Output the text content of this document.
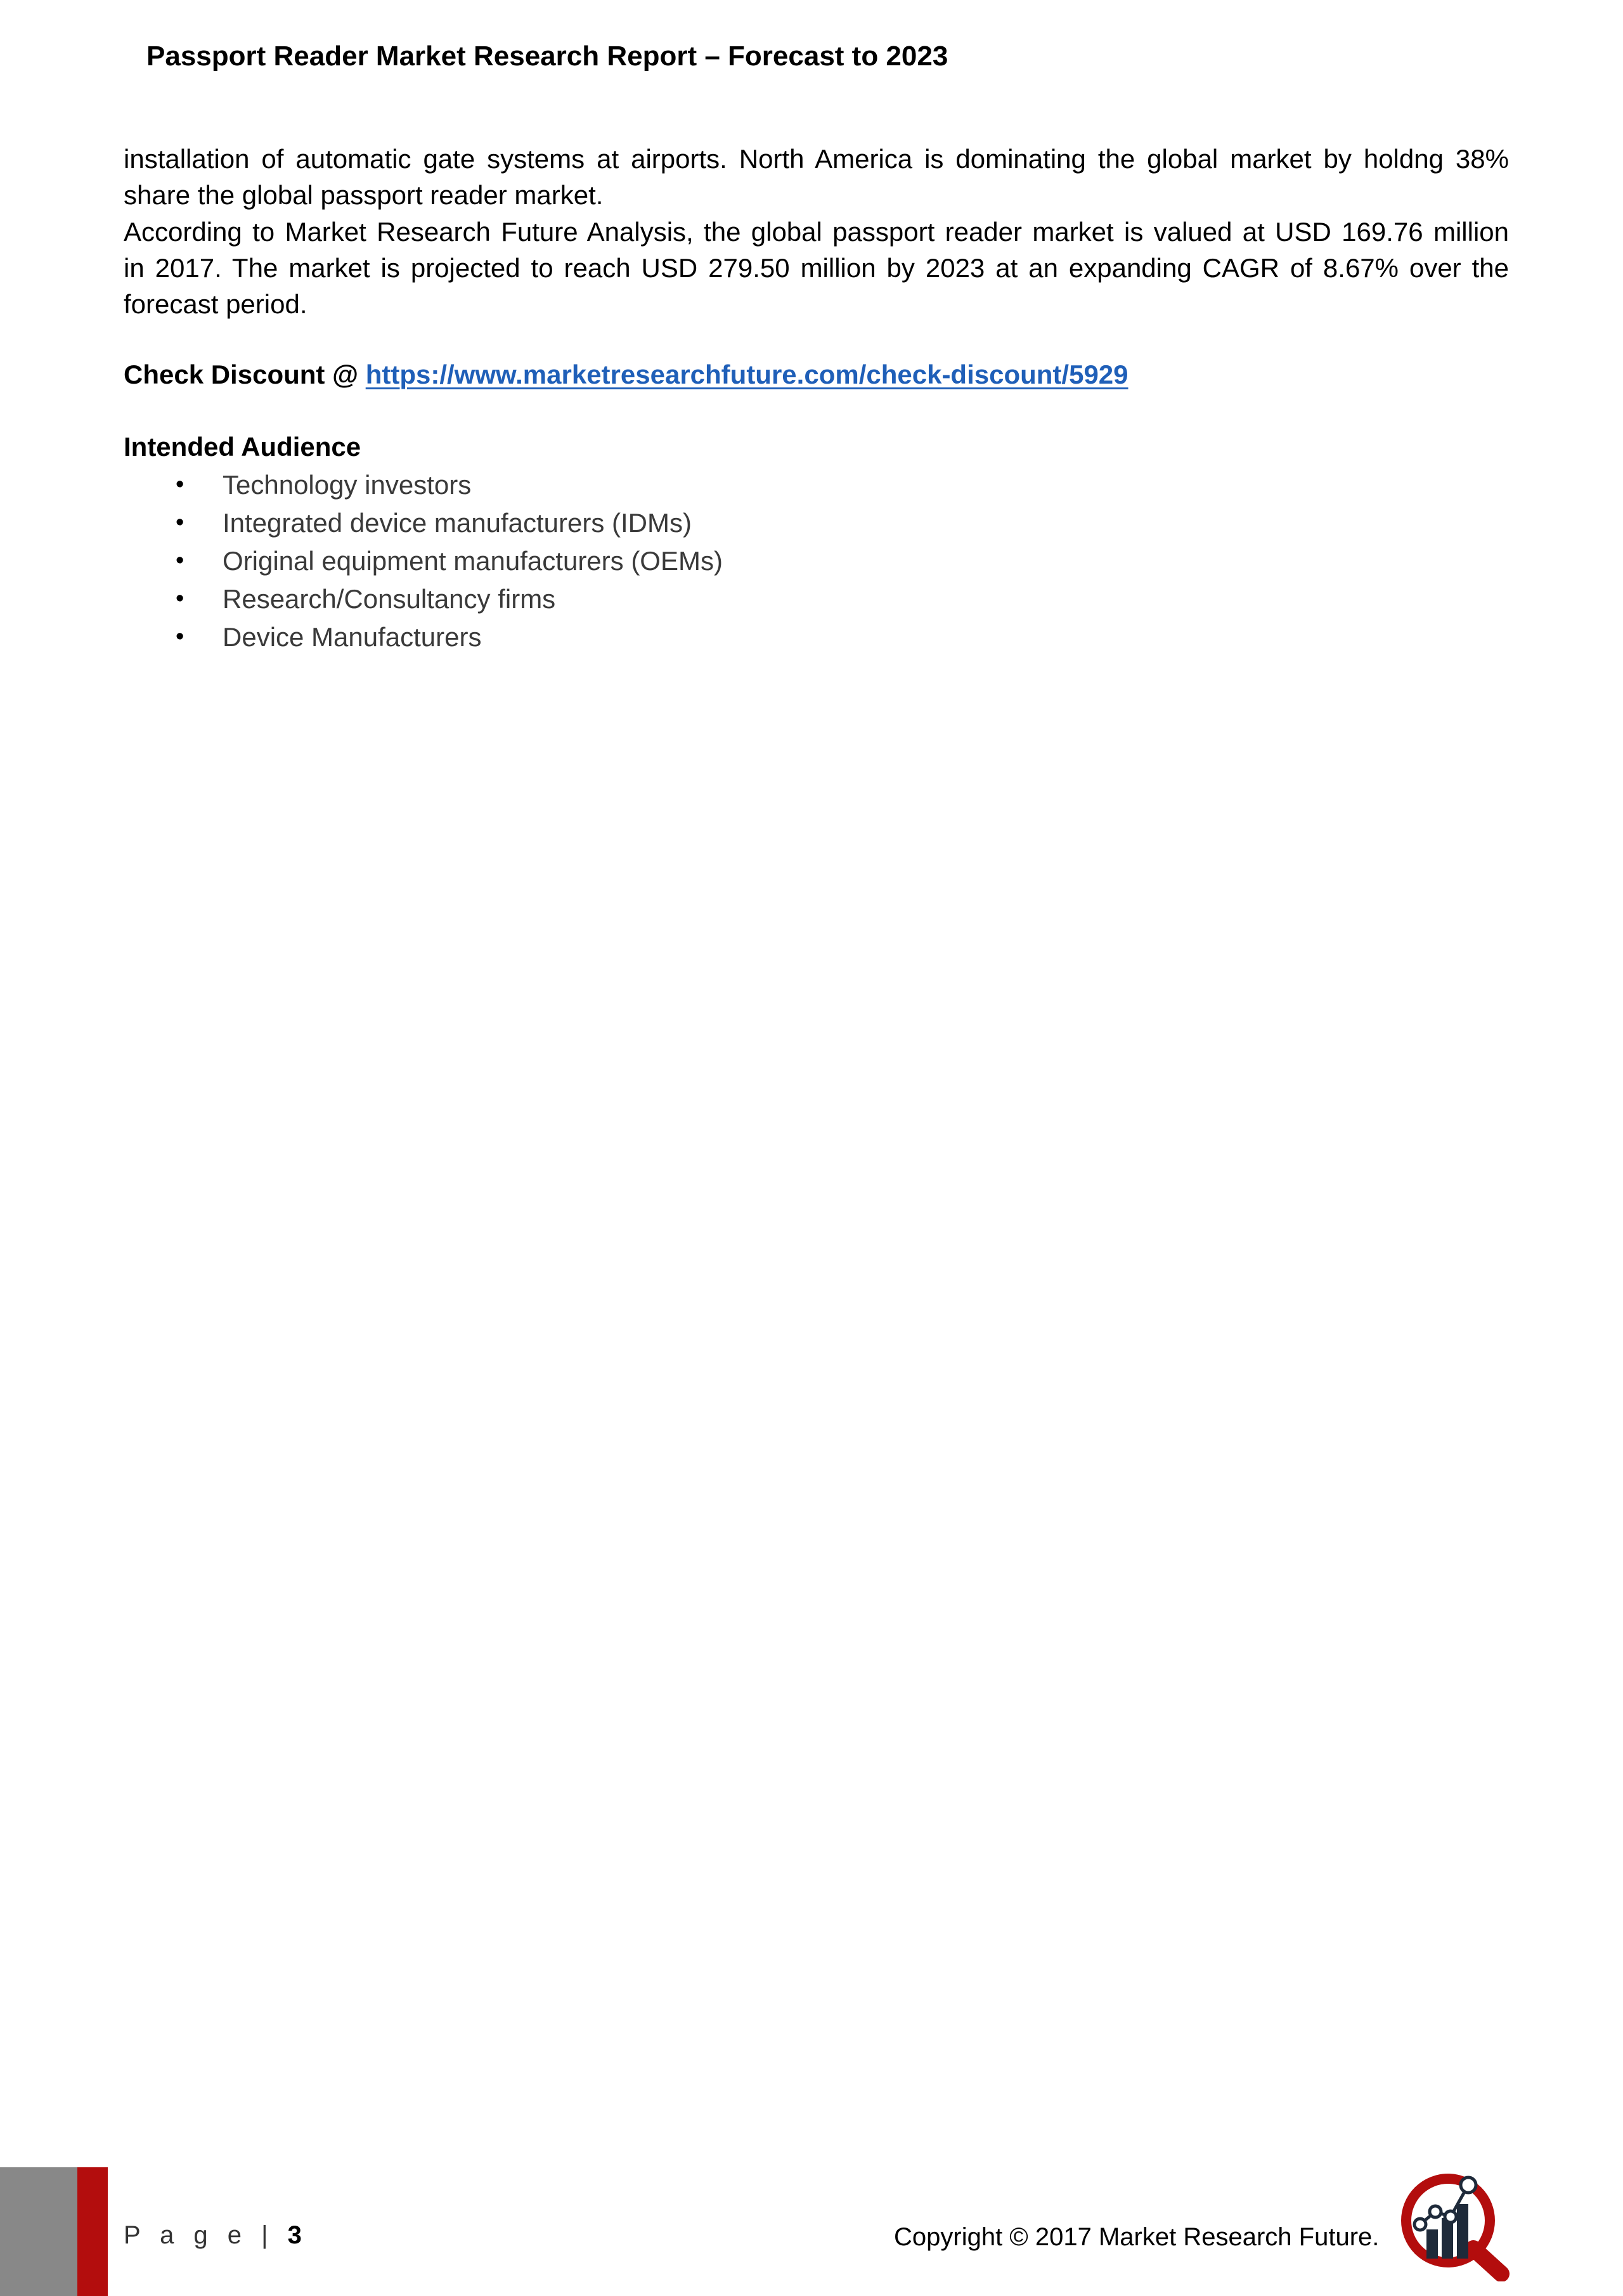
Passport Reader Market Research Report – Forecast to 2023
installation of automatic gate systems at airports. North America is dominating the global market by holdng 38%
share the global passport reader market.
According to Market Research Future Analysis, the global passport reader market is valued at USD 169.76 million
in 2017. The market is projected to reach USD 279.50 million by 2023 at an expanding CAGR of 8.67% over the
forecast period.
Check Discount @ https://www.marketresearchfuture.com/check-discount/5929
Intended Audience
• Technology investors
• Integrated device manufacturers (IDMs)
• Original equipment manufacturers (OEMs)
• Research/Consultancy firms
• Device Manufacturers
P a g e | 3	Copyright © 2017 Market Research Future.
